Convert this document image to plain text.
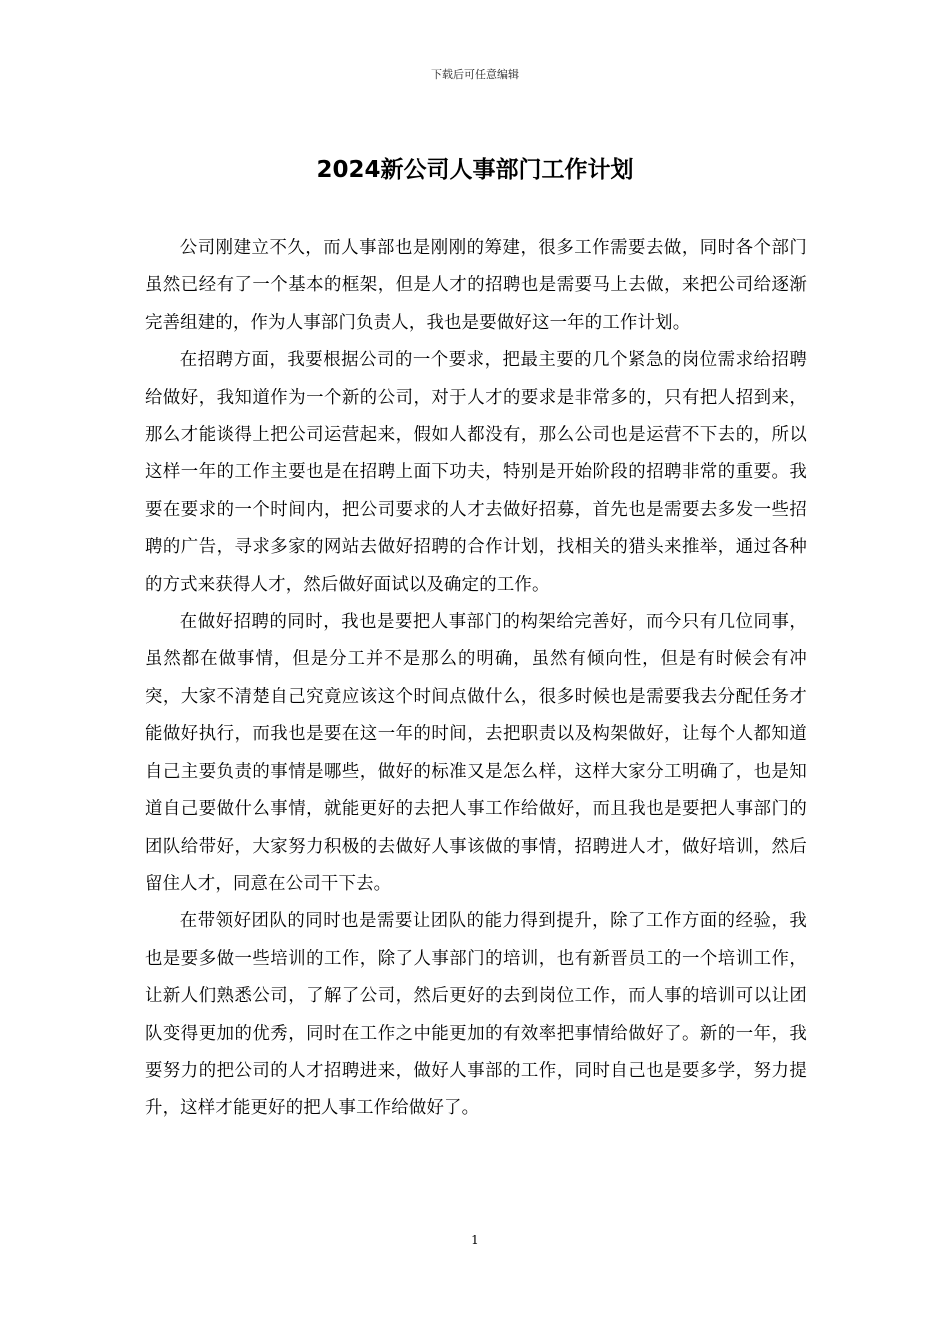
下载后可任意编辑
2024新公司人事部门工作计划

公司刚建立不久，而人事部也是刚刚的筹建，很多工作需要去做，同时各个部门虽然已经有了一个基本的框架，但是人才的招聘也是需要马上去做，来把公司给逐渐完善组建的，作为人事部门负责人，我也是要做好这一年的工作计划。

在招聘方面，我要根据公司的一个要求，把最主要的几个紧急的岗位需求给招聘给做好，我知道作为一个新的公司，对于人才的要求是非常多的，只有把人招到来，那么才能谈得上把公司运营起来，假如人都没有，那么公司也是运营不下去的，所以这样一年的工作主要也是在招聘上面下功夫，特别是开始阶段的招聘非常的重要。我要在要求的一个时间内，把公司要求的人才去做好招募，首先也是需要去多发一些招聘的广告，寻求多家的网站去做好招聘的合作计划，找相关的猎头来推举，通过各种的方式来获得人才，然后做好面试以及确定的工作。

在做好招聘的同时，我也是要把人事部门的构架给完善好，而今只有几位同事，虽然都在做事情，但是分工并不是那么的明确，虽然有倾向性，但是有时候会有冲突，大家不清楚自己究竟应该这个时间点做什么，很多时候也是需要我去分配任务才能做好执行，而我也是要在这一年的时间，去把职责以及构架做好，让每个人都知道自己主要负责的事情是哪些，做好的标准又是怎么样，这样大家分工明确了，也是知道自己要做什么事情，就能更好的去把人事工作给做好，而且我也是要把人事部门的团队给带好，大家努力积极的去做好人事该做的事情，招聘进人才，做好培训，然后留住人才，同意在公司干下去。

在带领好团队的同时也是需要让团队的能力得到提升，除了工作方面的经验，我也是要多做一些培训的工作，除了人事部门的培训，也有新晋员工的一个培训工作，让新人们熟悉公司，了解了公司，然后更好的去到岗位工作，而人事的培训可以让团队变得更加的优秀，同时在工作之中能更加的有效率把事情给做好了。新的一年，我要努力的把公司的人才招聘进来，做好人事部的工作，同时自己也是要多学，努力提升，这样才能更好的把人事工作给做好了。

1
